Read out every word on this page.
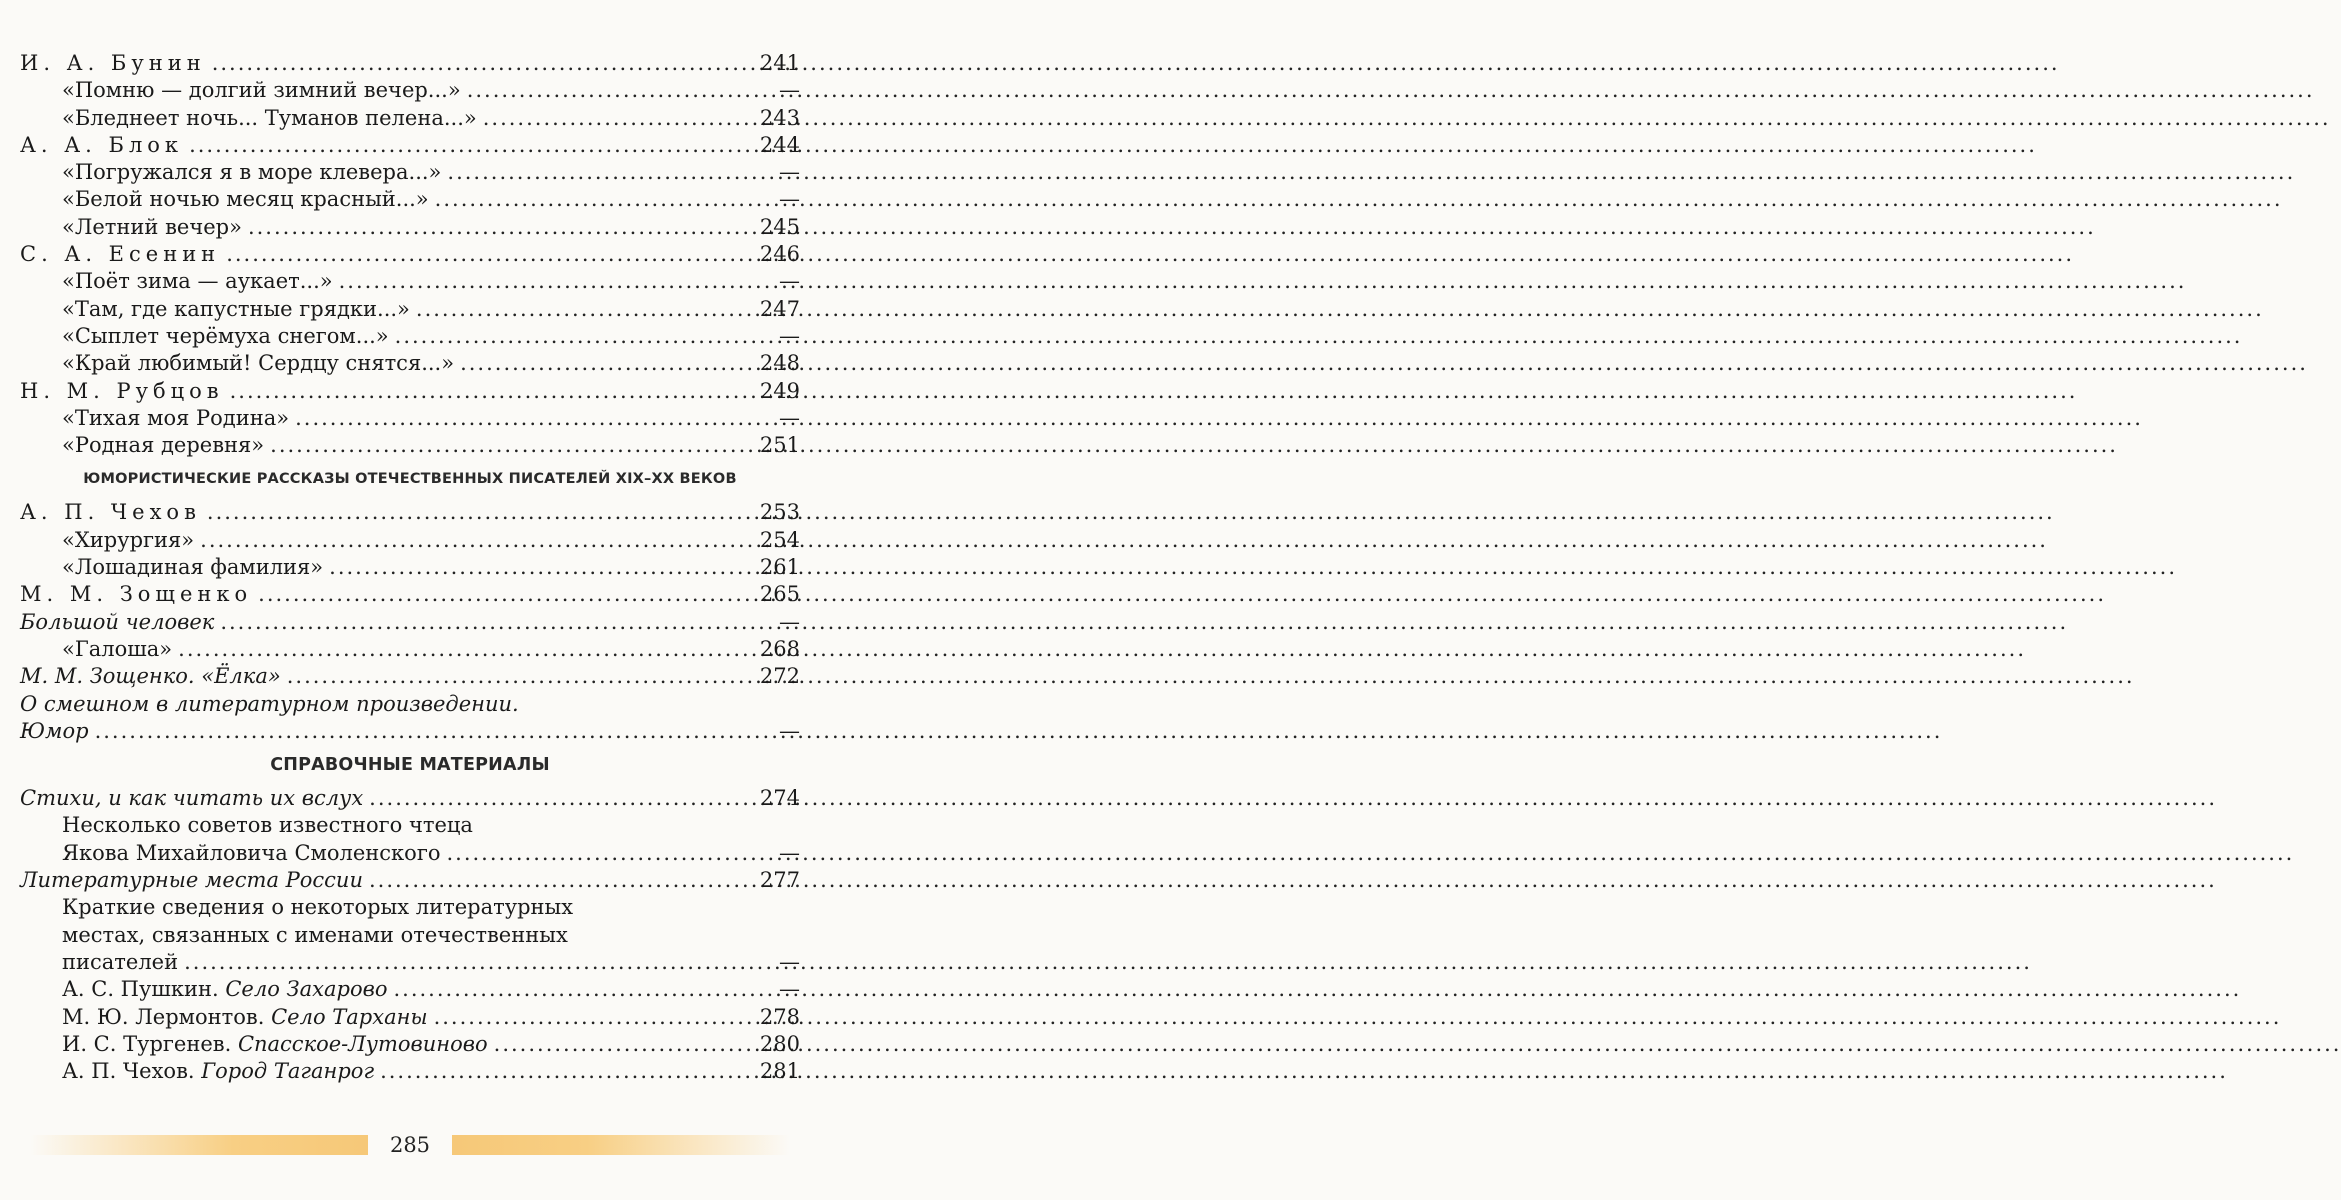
И. А. Бунин .....	241
«Помню — долгий зимний вечер...» .....	—
«Бледнеет ночь... Туманов пелена...» .....	243
А. А. Блок .....	244
«Погружался я в море клевера...» .....	—
«Белой ночью месяц красный...» .....	—
«Летний вечер» .....	245
С. А. Есенин .....	246
«Поёт зима — аукает...» .....	—
«Там, где капустные грядки...» .....	247
«Сыплет черёмуха снегом...» .....	—
«Край любимый! Сердцу снятся...» .....	248
Н. М. Рубцов .....	249
«Тихая моя Родина» .....	—
«Родная деревня» .....	251
ЮМОРИСТИЧЕСКИЕ РАССКАЗЫ ОТЕЧЕСТВЕННЫХ ПИСАТЕЛЕЙ XIX–XX ВЕКОВ
А. П. Чехов .....	253
«Хирургия» .....	254
«Лошадиная фамилия» .....	261
М. М. Зощенко .....	265
Большой человек .....	—
«Галоша» .....	268
М. М. Зощенко. «Ёлка» .....	272
О смешном в литературном произведении.
Юмор .....	—
СПРАВОЧНЫЕ МАТЕРИАЛЫ
Стихи, и как читать их вслух .....	274
Несколько советов известного чтеца
Якова Михайловича Смоленского .....	—
Литературные места России .....	277
Краткие сведения о некоторых литературных
местах, связанных с именами отечественных
писателей .....	—
А. С. Пушкин. Село Захарово .....	—
М. Ю. Лермонтов. Село Тарханы .....	278
И. С. Тургенев. Спасское-Лутовиново .....	280
А. П. Чехов. Город Таганрог .....	281
285
